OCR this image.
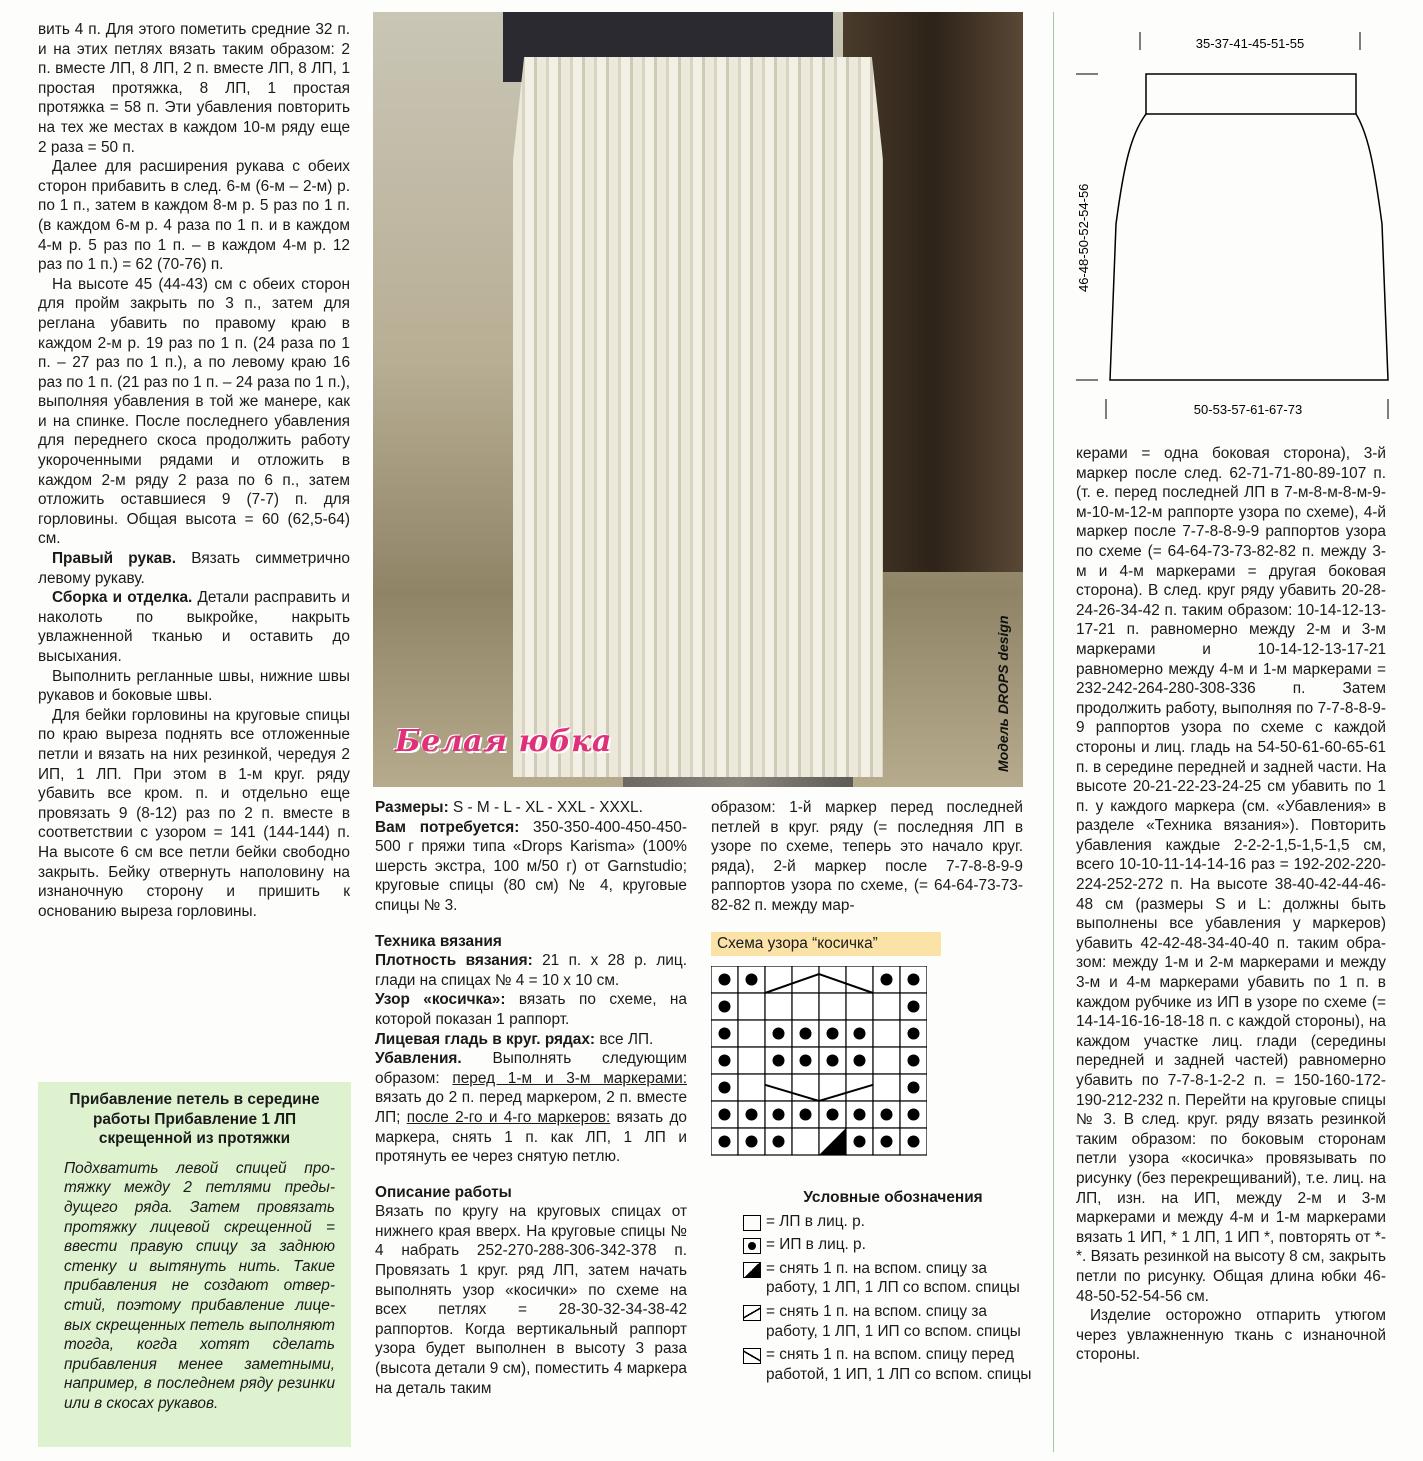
вить 4 п. Для этого пометить средние 32 п. и на этих петлях вязать таким образом: 2 п. вместе ЛП, 8 ЛП, 2 п. вместе ЛП, 8 ЛП, 1 простая протяжка, 8 ЛП, 1 простая протяжка = 58 п. Эти убавления повторить на тех же местах в каждом 10-м ряду еще 2 раза = 50 п.

Далее для расширения рукава с обеих сторон прибавить в след. 6-м (6-м – 2-м) р. по 1 п., затем в каждом 8-м р. 5 раз по 1 п. (в каждом 6-м р. 4 раза по 1 п. и в каждом 4-м р. 5 раз по 1 п. – в каждом 4-м р. 12 раз по 1 п.) = 62 (70-76) п.

На высоте 45 (44-43) см с обеих сторон для пройм закрыть по 3 п., затем для реглана убавить по правому краю в каждом 2-м р. 19 раз по 1 п. (24 раза по 1 п. – 27 раз по 1 п.), а по левому краю 16 раз по 1 п. (21 раз по 1 п. – 24 раза по 1 п.), выполняя убавления в той же манере, как и на спинке. После последнего убавления для переднего скоса продолжить работу укороченными рядами и отложить в каждом 2-м ряду 2 раза по 6 п., затем отложить оставшиеся 9 (7-7) п. для горловины. Общая высота = 60 (62,5-64) см.

Правый рукав. Вязать симметрично левому рукаву.

Сборка и отделка. Детали расправить и наколоть по выкройке, накрыть увлажненной тканью и оставить до высыхания.

Выполнить регланные швы, нижние швы рукавов и боковые швы.

Для бейки горловины на круговые спицы по краю выреза поднять все отложенные петли и вязать на них резинкой, чередуя 2 ИП, 1 ЛП. При этом в 1-м круг. ряду убавить все кром. п. и отдельно еще провязать 9 (8-12) раз по 2 п. вместе в соответствии с узором = 141 (144-144) п. На высоте 6 см все петли бейки свободно закрыть. Бейку отвернуть наполовину на изнаночную сторону и пришить к основанию выреза горловины.

Прибавление петель в середине работы Прибавление 1 ЛП скрещенной из протяжки
Подхватить левой спицей протяжку между 2 петлями предыдущего ряда. Затем провязать протяжку лицевой скрещенной = ввести правую спицу за заднюю стенку и вытянуть нить. Такие прибавления не создают отверстий, поэтому прибавление лицевых скрещенных петель выполняют тогда, когда хотят сделать прибавления менее заметными, например, в последнем ряду резинки или в скосах рукавов.
Белая юбка	Модель DROPS design

Размеры: S - M - L - XL - XXL - XXXL.

Вам потребуется: 350-350-400-450-450-500 г пряжи типа «Drops Karisma» (100% шерсть экстра, 100 м/50 г) от Garnstudio; круговые спицы (80 см) № 4, круговые спицы № 3.

Техника вязания

Плотность вязания: 21 п. х 28 р. лиц. глади на спицах № 4 = 10 х 10 см.

Узор «косичка»: вязать по схеме, на которой показан 1 раппорт.

Лицевая гладь в круг. рядах: все ЛП.

Убавления. Выполнять следующим образом: перед 1-м и 3-м маркерами: вязать до 2 п. перед маркером, 2 п. вместе ЛП; после 2-го и 4-го маркеров: вязать до маркера, снять 1 п. как ЛП, 1 ЛП и протянуть ее через снятую петлю.

Описание работы

Вязать по кругу на круговых спицах от нижнего края вверх. На круговые спицы № 4 набрать 252-270-288-306-342-378 п. Провязать 1 круг. ряд ЛП, затем начать выполнять узор «косички» по схеме на всех петлях = 28-30-32-34-38-42 раппортов. Когда вертикальный раппорт узора будет выполнен в высоту 3 раза (высота детали 9 см), поместить 4 маркера на деталь таким

образом: 1-й маркер перед последней петлей в круг. ряду (= последняя ЛП в узоре по схеме, теперь это начало круг. ряда), 2-й маркер после 7-7-8-8-9-9 раппортов узора по схеме, (= 64-64-73-73-82-82 п. между мар-

Схема узора “косичка”
Условные обозначения
= ЛП в лиц. р.
= ИП в лиц. р.
= снять 1 п. на вспом. спицу за работу, 1 ЛП, 1 ЛП со вспом. спицы
= снять 1 п. на вспом. спицу за работу, 1 ЛП, 1 ИП со вспом. спицы
= снять 1 п. на вспом. спицу перед работой, 1 ИП, 1 ЛП со вспом. спицы
35-37-41-45-51-55
46-48-50-52-54-56
50-53-57-61-67-73

керами = одна боковая сторона), 3-й маркер после след. 62-71-71-80-89-107 п. (т. е. перед последней ЛП в 7-м-8-м-8-м-9-м-10-м-12-м раппорте узора по схеме), 4-й маркер после 7-7-8-8-9-9 раппортов узора по схеме (= 64-64-73-73-82-82 п. между 3-м и 4-м маркерами = другая боковая сторона). В след. круг ряду убавить 20-28-24-26-34-42 п. таким образом: 10-14-12-13-17-21 п. равномерно между 2-м и 3-м маркерами и 10-14-12-13-17-21 равномерно между 4-м и 1-м маркерами = 232-242-264-280-308-336 п. Затем продолжить работу, выполняя по 7-7-8-8-9-9 раппортов узора по схеме с каждой стороны и лиц. гладь на 54-50-61-60-65-61 п. в середине передней и задней части. На высоте 20-21-22-23-24-25 см убавить по 1 п. у каждого маркера (см. «Убавления» в разделе «Техника вязания»). Повторить убавления каждые 2-2-2-1,5-1,5-1,5 см, всего 10-10-11-14-14-16 раз = 192-202-220-224-252-272 п. На высоте 38-40-42-44-46-48 см (размеры S и L: должны быть выполнены все убавления у маркеров) убавить 42-42-48-34-40-40 п. таким образом: между 1-м и 2-м маркерами и между 3-м и 4-м маркерами убавить по 1 п. в каждом рубчике из ИП в узоре по схеме (= 14-14-16-16-18-18 п. с каждой стороны), на каждом участке лиц. глади (середины передней и задней частей) равномерно убавить по 7-7-8-1-2-2 п. = 150-160-172-190-212-232 п. Перейти на круговые спицы № 3. В след. круг. ряду вязать резинкой таким образом: по боковым сторонам петли узора «косичка» провязывать по рисунку (без перекрещиваний), т.е. лиц. на ЛП, изн. на ИП, между 2-м и 3-м маркерами и между 4-м и 1-м маркерами вязать 1 ИП, * 1 ЛП, 1 ИП *, повторять от *-*. Вязать резинкой на высоту 8 см, закрыть петли по рисунку. Общая длина юбки 46-48-50-52-54-56 см.

Изделие осторожно отпарить утюгом через увлажненную ткань с изнаночной стороны.
